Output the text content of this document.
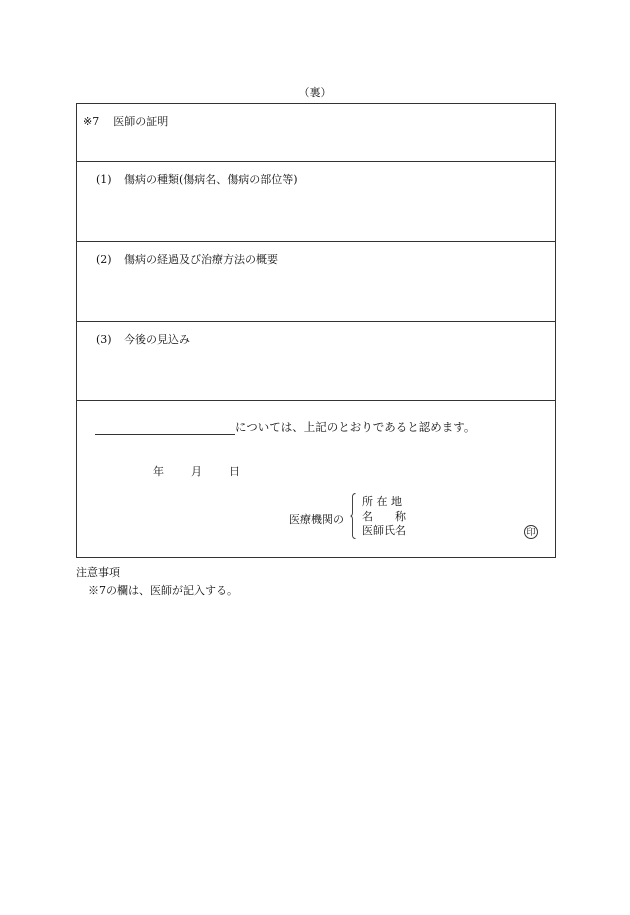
（裏）
※7 医師の証明
(1) 傷病の種類(傷病名、傷病の部位等)
(2) 傷病の経過及び治療方法の概要
(3) 今後の見込み
については、上記のとおりであると認めます。
年 月 日
医療機関の
所 在 地
名　　称
医師氏名	印
注意事項
※7の欄は、医師が記入する。
